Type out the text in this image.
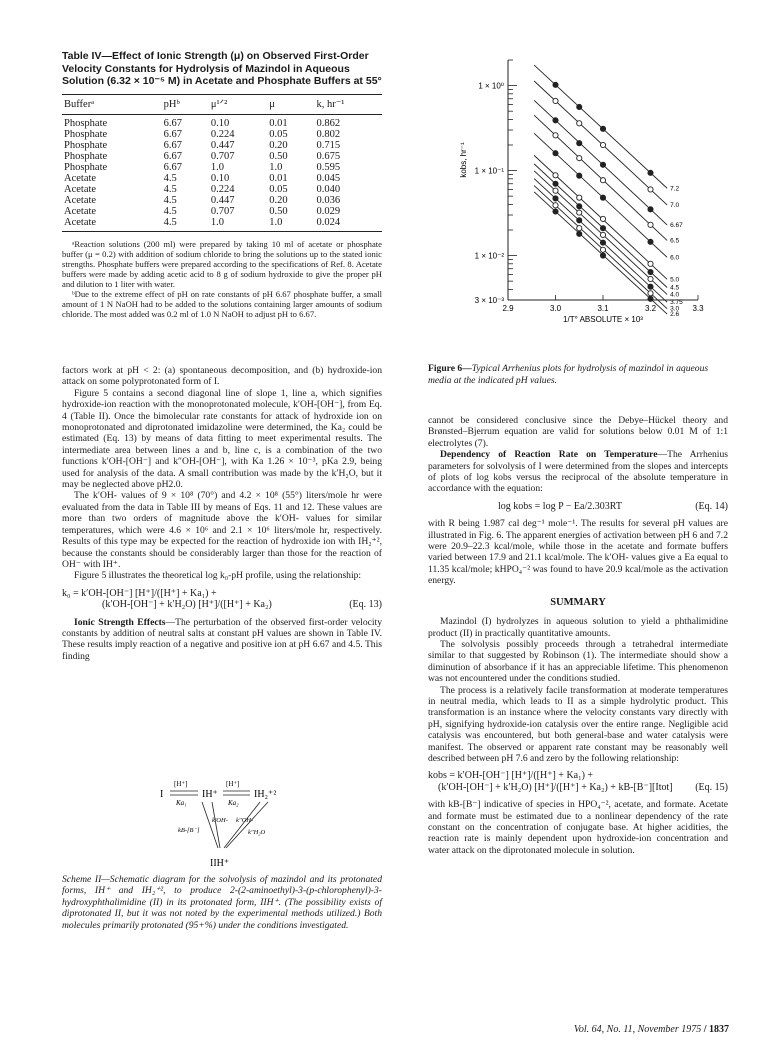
Table IV—Effect of Ionic Strength (μ) on Observed First-Order Velocity Constants for Hydrolysis of Mazindol in Aqueous Solution (6.32 × 10⁻⁵ M) in Acetate and Phosphate Buffers at 55°
Bufferᵃ	pHᵇ	μ¹ᐟ²	μ	k, hr⁻¹
Phosphate	6.67	0.10	0.01	0.862
Phosphate	6.67	0.224	0.05	0.802
Phosphate	6.67	0.447	0.20	0.715
Phosphate	6.67	0.707	0.50	0.675
Phosphate	6.67	1.0	1.0	0.595
Acetate	4.5	0.10	0.01	0.045
Acetate	4.5	0.224	0.05	0.040
Acetate	4.5	0.447	0.20	0.036
Acetate	4.5	0.707	0.50	0.029
Acetate	4.5	1.0	1.0	0.024

ᵃReaction solutions (200 ml) were prepared by taking 10 ml of acetate or phosphate buffer (μ = 0.2) with addition of sodium chloride to bring the solutions up to the stated ionic strengths. Phosphate buffers were prepared according to the specifications of Ref. 8. Acetate buffers were made by adding acetic acid to 8 g of sodium hydroxide to give the proper pH and dilution to 1 liter with water.

ᵇDue to the extreme effect of pH on rate constants of pH 6.67 phosphate buffer, a small amount of 1 N NaOH had to be added to the solutions containing larger amounts of sodium chloride. The most added was 0.2 ml of 1.0 N NaOH to adjust pH to 6.67.

1 × 10⁰
1 × 10⁻¹
1 × 10⁻²
3 × 10⁻³
2.9	3.0	3.1	3.2	3.3
1/T° ABSOLUTE × 10³
kobs, hr⁻¹
7.2
7.0
6.67
6.5
6.0
5.0
4.5
4.0
3.75
3.0
2.6
Figure 6—Typical Arrhenius plots for hydrolysis of mazindol in aqueous media at the indicated pH values.

factors work at pH < 2: (a) spontaneous decomposition, and (b) hydroxide-ion attack on some polyprotonated form of I.

Figure 5 contains a second diagonal line of slope 1, line a, which signifies hydroxide-ion reaction with the monoprotonated molecule, k′OH-[OH⁻], from Eq. 4 (Table II). Once the bimolecular rate constants for attack of hydroxide ion on monoprotonated and diprotonated imidazoline were determined, the Ka₂ could be estimated (Eq. 13) by means of data fitting to meet experimental results. The intermediate area between lines a and b, line c, is a combination of the two functions k′OH-[OH⁻] and k″OH-[OH⁻], with Ka 1.26 × 10⁻³, pKa 2.9, being used for analysis of the data. A small contribution was made by the k′H₂O, but it may be neglected above pH2.0.

The k′OH- values of 9 × 10⁸ (70°) and 4.2 × 10⁸ (55°) liters/mole hr were evaluated from the data in Table III by means of Eqs. 11 and 12. These values are more than two orders of magnitude above the k′OH- values for similar temperatures, which were 4.6 × 10⁶ and 2.1 × 10⁶ liters/mole hr, respectively. Results of this type may be expected for the reaction of hydroxide ion with IH₂⁺², because the constants should be considerably larger than those for the reaction of OH⁻ with IH⁺.

Figure 5 illustrates the theoretical log k₀-pH profile, using the relationship:

k₀ = k′OH-[OH⁻] [H⁺]/([H⁺] + Ka₁) +
(k′OH-[OH⁻] + k′H₂O) [H⁺]/([H⁺] + Ka₂)	(Eq. 13)

Ionic Strength Effects—The perturbation of the observed first-order velocity constants by addition of neutral salts at constant pH values are shown in Table IV. These results imply reaction of a negative and positive ion at pH 6.67 and 4.5. This finding

I	IH⁺	IH₂⁺²
[H⁺]	[H⁺]
Ka₁	Ka₂
k′OH- k″OH-
kB-[B⁻]	k″H₂O
IIH⁺
Scheme II—Schematic diagram for the solvolysis of mazindol and its protonated forms, IH⁺ and IH₂⁺², to produce 2-(2-aminoethyl)-3-(p-chlorophenyl)-3-hydroxyphthalimidine (II) in its protonated form, IIH⁺. (The possibility exists of diprotonated II, but it was not noted by the experimental methods utilized.) Both molecules primarily protonated (95+%) under the conditions investigated.

cannot be considered conclusive since the Debye–Hückel theory and Brønsted–Bjerrum equation are valid for solutions below 0.01 M of 1:1 electrolytes (7).

Dependency of Reaction Rate on Temperature—The Arrhenius parameters for solvolysis of I were determined from the slopes and intercepts of plots of log kobs versus the reciprocal of the absolute temperature in accordance with the equation:

log kobs = log P − Ea/2.303RT	(Eq. 14)

with R being 1.987 cal deg⁻¹ mole⁻¹. The results for several pH values are illustrated in Fig. 6. The apparent energies of activation between pH 6 and 7.2 were 20.9–22.3 kcal/mole, while those in the acetate and formate buffers varied between 17.9 and 21.1 kcal/mole. The k′OH- values give a Ea equal to 11.35 kcal/mole; kHPO₄⁻² was found to have 20.9 kcal/mole as the activation energy.

SUMMARY

Mazindol (I) hydrolyzes in aqueous solution to yield a phthalimidine product (II) in practically quantitative amounts.

The solvolysis possibly proceeds through a tetrahedral intermediate similar to that suggested by Robinson (1). The intermediate should show a diminution of absorbance if it has an appreciable lifetime. This phenomenon was not encountered under the conditions studied.

The process is a relatively facile transformation at moderate temperatures in neutral media, which leads to II as a simple hydrolytic product. This transformation is an instance where the velocity constants vary directly with pH, signifying hydroxide-ion catalysis over the entire range. Negligible acid catalysis was encountered, but both general-base and water catalysis were manifest. The observed or apparent rate constant may be reasonably well described between pH 7.6 and zero by the following relationship:

kobs = k′OH-[OH⁻] [H⁺]/([H⁺] + Ka₁) +
(k′OH-[OH⁻] + k′H₂O) [H⁺]/([H⁺] + Ka₂) + kB-[B⁻][Itot] (Eq. 15)

with kB-[B⁻] indicative of species in HPO₄⁻², acetate, and formate. Acetate and formate must be estimated due to a nonlinear dependency of the rate constant on the concentration of conjugate base. At higher acidities, the reaction rate is mainly dependent upon hydroxide-ion concentration and water attack on the diprotonated molecule in solution.

Vol. 64, No. 11, November 1975 / 1837
